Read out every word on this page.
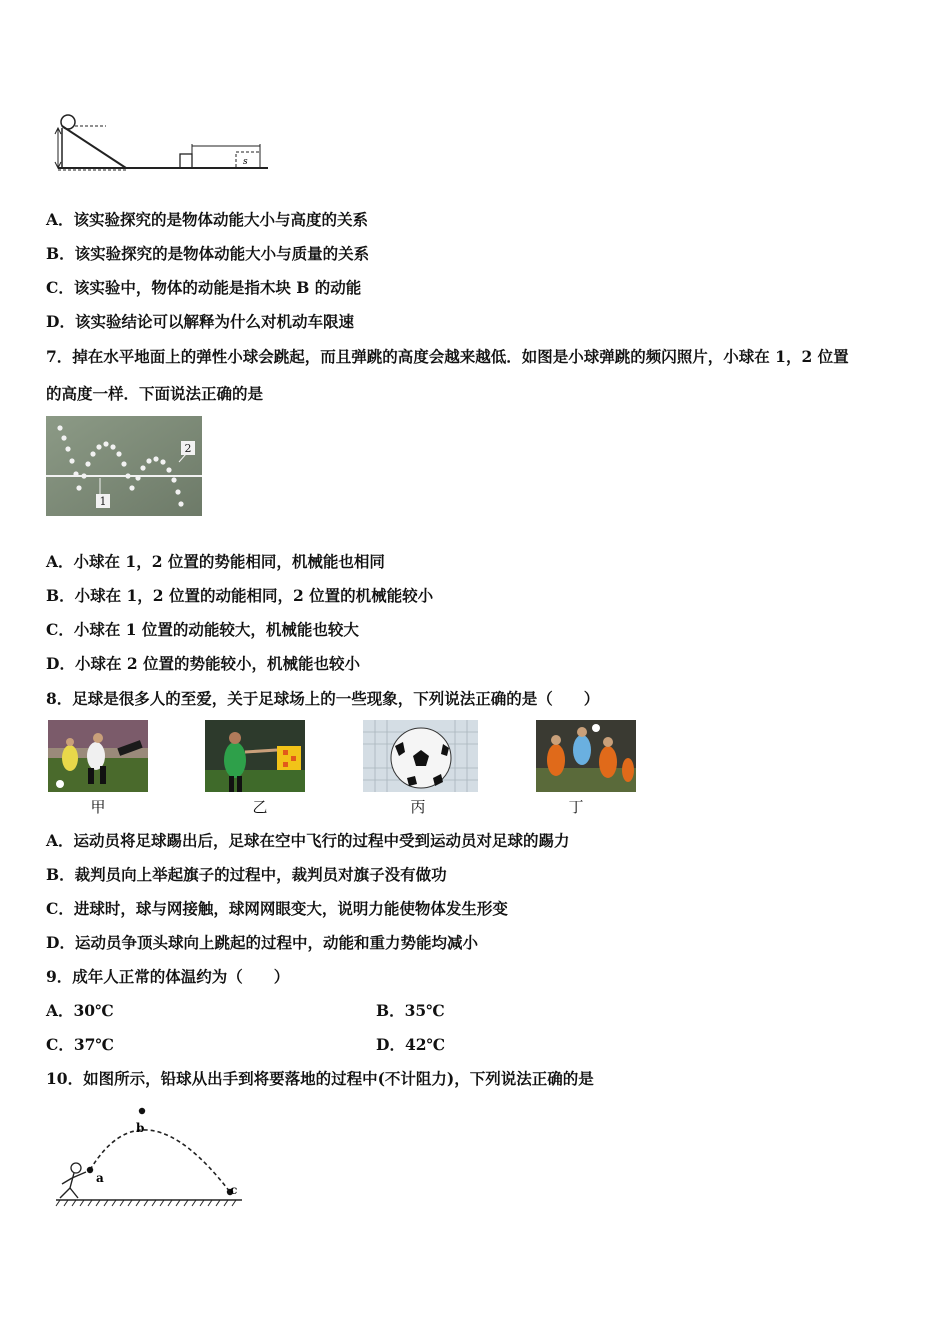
s
A．该实验探究的是物体动能大小与高度的关系
B．该实验探究的是物体动能大小与质量的关系
C．该实验中，物体的动能是指木块 B 的动能
D．该实验结论可以解释为什么对机动车限速
7．掉在水平地面上的弹性小球会跳起，而且弹跳的高度会越来越低．如图是小球弹跳的频闪照片，小球在 1，2 位置
的高度一样．下面说法正确的是
1
2
A．小球在 1，2 位置的势能相同，机械能也相同
B．小球在 1，2 位置的动能相同，2 位置的机械能较小
C．小球在 1 位置的动能较大，机械能也较大
D．小球在 2 位置的势能较小，机械能也较小
8．足球是很多人的至爱，关于足球场上的一些现象，下列说法正确的是（　　）
甲	乙	丙	丁
A．运动员将足球踢出后，足球在空中飞行的过程中受到运动员对足球的踢力
B．裁判员向上举起旗子的过程中，裁判员对旗子没有做功
C．进球时，球与网接触，球网网眼变大，说明力能使物体发生形变
D．运动员争顶头球向上跳起的过程中，动能和重力势能均减小
9．成年人正常的体温约为（　　）
A．30℃	B．35℃
C．37℃	D．42℃
10．如图所示，铅球从出手到将要落地的过程中(不计阻力)，下列说法正确的是
a
b
c
